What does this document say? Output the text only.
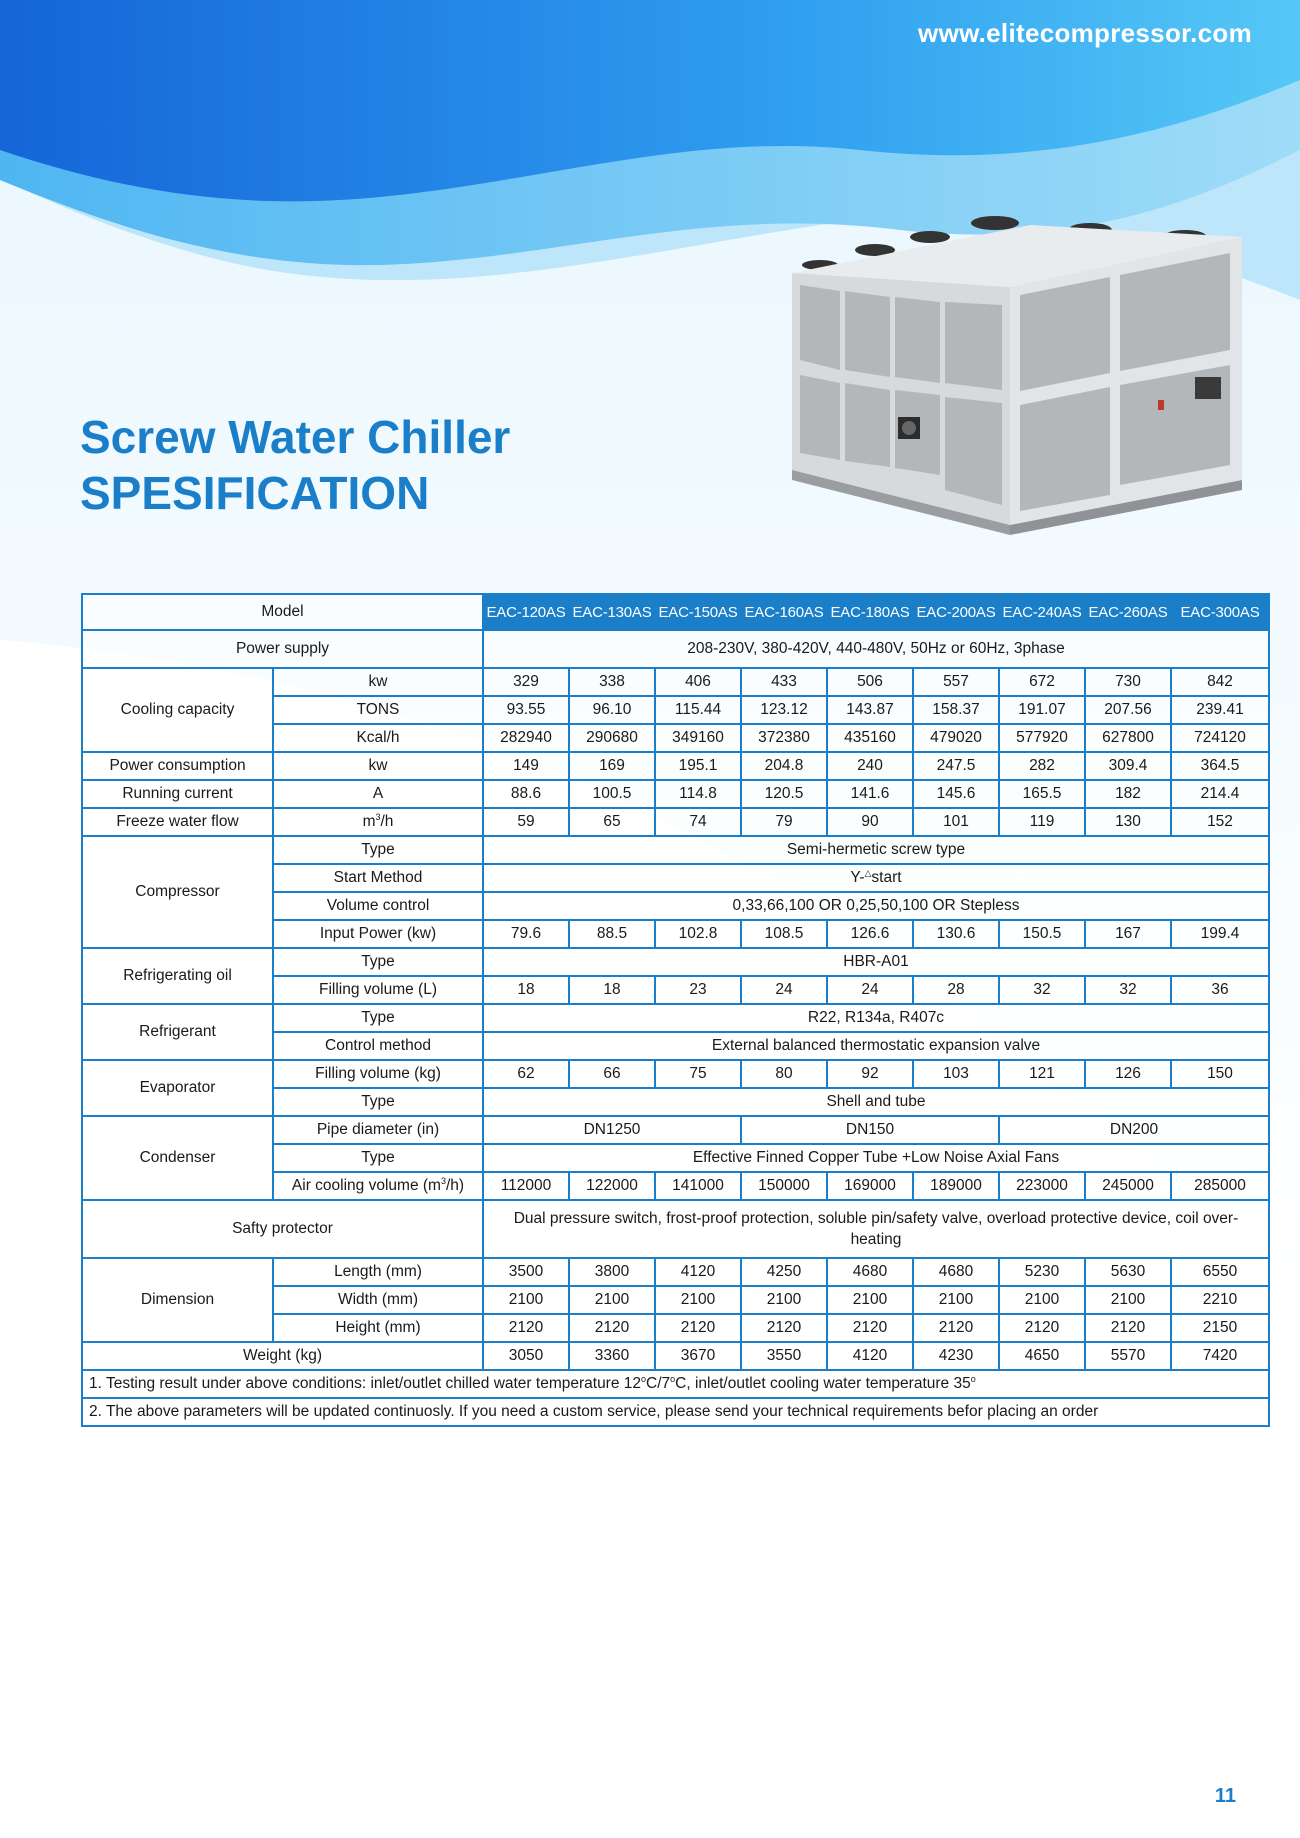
www.elitecompressor.com
Screw Water Chiller
SPESIFICATION
Model		EAC-120AS	EAC-130AS	EAC-150AS	EAC-160AS	EAC-180AS	EAC-200AS	EAC-240AS	EAC-260AS	EAC-300AS
Power supply		208-230V, 380-420V, 440-480V, 50Hz or 60Hz, 3phase								
Cooling capacity	kw	329	338	406	433	506	557	672	730	842
	TONS	93.55	96.10	115.44	123.12	143.87	158.37	191.07	207.56	239.41
	Kcal/h	282940	290680	349160	372380	435160	479020	577920	627800	724120
Power consumption	kw	149	169	195.1	204.8	240	247.5	282	309.4	364.5
Running current	A	88.6	100.5	114.8	120.5	141.6	145.6	165.5	182	214.4
Freeze water flow	$m^3/h$	59	65	74	79	90	101	119	130	152
Compressor	Type	Semi-hermetic screw type								
	Start Method	Y-△start								
	Volume control	0,33,66,100 OR 0,25,50,100 OR Stepless								
	Input Power (kw)	79.6	88.5	102.8	108.5	126.6	130.6	150.5	167	199.4
Refrigerating oil	Type	HBR-A01								
	Filling volume (L)	18	18	23	24	24	28	32	32	36
Refrigerant	Type	R22, R134a, R407c								
	Control method	External balanced thermostatic expansion valve								
Evaporator	Filling volume (kg)	62	66	75	80	92	103	121	126	150
	Type	Shell and tube								
Condenser	Pipe diameter (in)	DN1250			DN150			DN200		
	Type	Effective Finned Copper Tube +Low Noise Axial Fans								
	Air cooling volume $(m^3/h)$	112000	122000	141000	150000	169000	189000	223000	245000	285000
Safty protector		Dual pressure switch, frost-proof protection, soluble pin/safety valve, overload protective device, coil over-heating								
Dimension	Length (mm)	3500	3800	4120	4250	4680	4680	5230	5630	6550
	Width (mm)	2100	2100	2100	2100	2100	2100	2100	2100	2210
	Height (mm)	2120	2120	2120	2120	2120	2120	2120	2120	2150
Weight (kg)		3050	3360	3670	3550	4120	4230	4650	5570	7420
1. Testing result under above conditions: inlet/outlet chilled water temperature 12$^o$C/7$^o$C, inlet/outlet cooling water temperature 35$^o$
2. The above parameters will be updated continuosly. If you need a custom service, please send your technical requirements befor placing an order										
11
